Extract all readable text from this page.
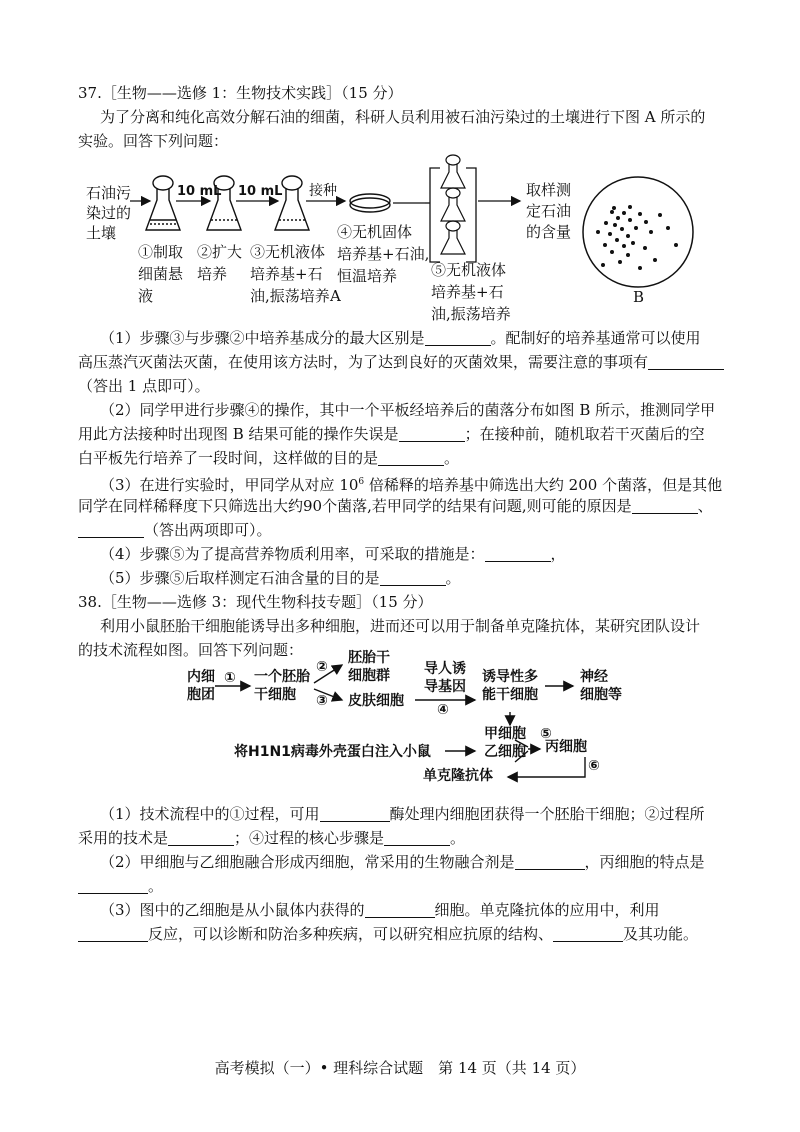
37.［生物——选修 1：生物技术实践］（15 分）
为了分离和纯化高效分解石油的细菌，科研人员利用被石油污染过的土壤进行下图 A 所示的
实验。回答下列问题：
石油污
染过的
土壤
10 mL 10 mL 接种
①制取
细菌悬
液
②扩大
培养
③无机液体
培养基+石
油,振荡培养
④无机固体
培养基+石油,
恒温培养	⑤无机液体
培养基+石
油,振荡培养
取样测
定石油
的含量
A	B
（1）步骤③与步骤②中培养基成分的最大区别是	。配制好的培养基通常可以使用
高压蒸汽灭菌法灭菌，在使用该方法时，为了达到良好的灭菌效果，需要注意的事项有
（答出 1 点即可）。
（2）同学甲进行步骤④的操作，其中一个平板经培养后的菌落分布如图 B 所示，推测同学甲
用此方法接种时出现图 B 结果可能的操作失误是	；在接种前，随机取若干灭菌后的空
白平板先行培养了一段时间，这样做的目的是	。
（3）在进行实验时，甲同学从对应 $10^6$ 倍稀释的培养基中筛选出大约 200 个菌落，但是其他
同学在同样稀释度下只筛选出大约90个菌落,若甲同学的结果有问题,则可能的原因是	、
（答出两项即可）。
（4）步骤⑤为了提高营养物质利用率，可采取的措施是：	，
（5）步骤⑤后取样测定石油含量的目的是	。
38.［生物——选修 3：现代生物科技专题］（15 分）
利用小鼠胚胎干细胞能诱导出多种细胞，进而还可以用于制备单克隆抗体，某研究团队设计
的技术流程如图。回答下列问题：
内细
胞团
① 一个胚胎
干细胞
②
③
胚胎干
细胞群
皮肤细胞
导人诱
导基因
④
诱导性多
能干细胞
神经
细胞等
甲细胞
乙细胞
⑤
丙细胞
将H1N1病毒外壳蛋白注入小鼠
⑥
单克隆抗体
（1）技术流程中的①过程，可用	酶处理内细胞团获得一个胚胎干细胞；②过程所
采用的技术是	；④过程的核心步骤是	。
（2）甲细胞与乙细胞融合形成丙细胞，常采用的生物融合剂是	，丙细胞的特点是
。
（3）图中的乙细胞是从小鼠体内获得的	细胞。单克隆抗体的应用中，利用
反应，可以诊断和防治多种疾病，可以研究相应抗原的结构、	及其功能。
高考模拟（一）• 理科综合试题　第 14 页（共 14 页）
